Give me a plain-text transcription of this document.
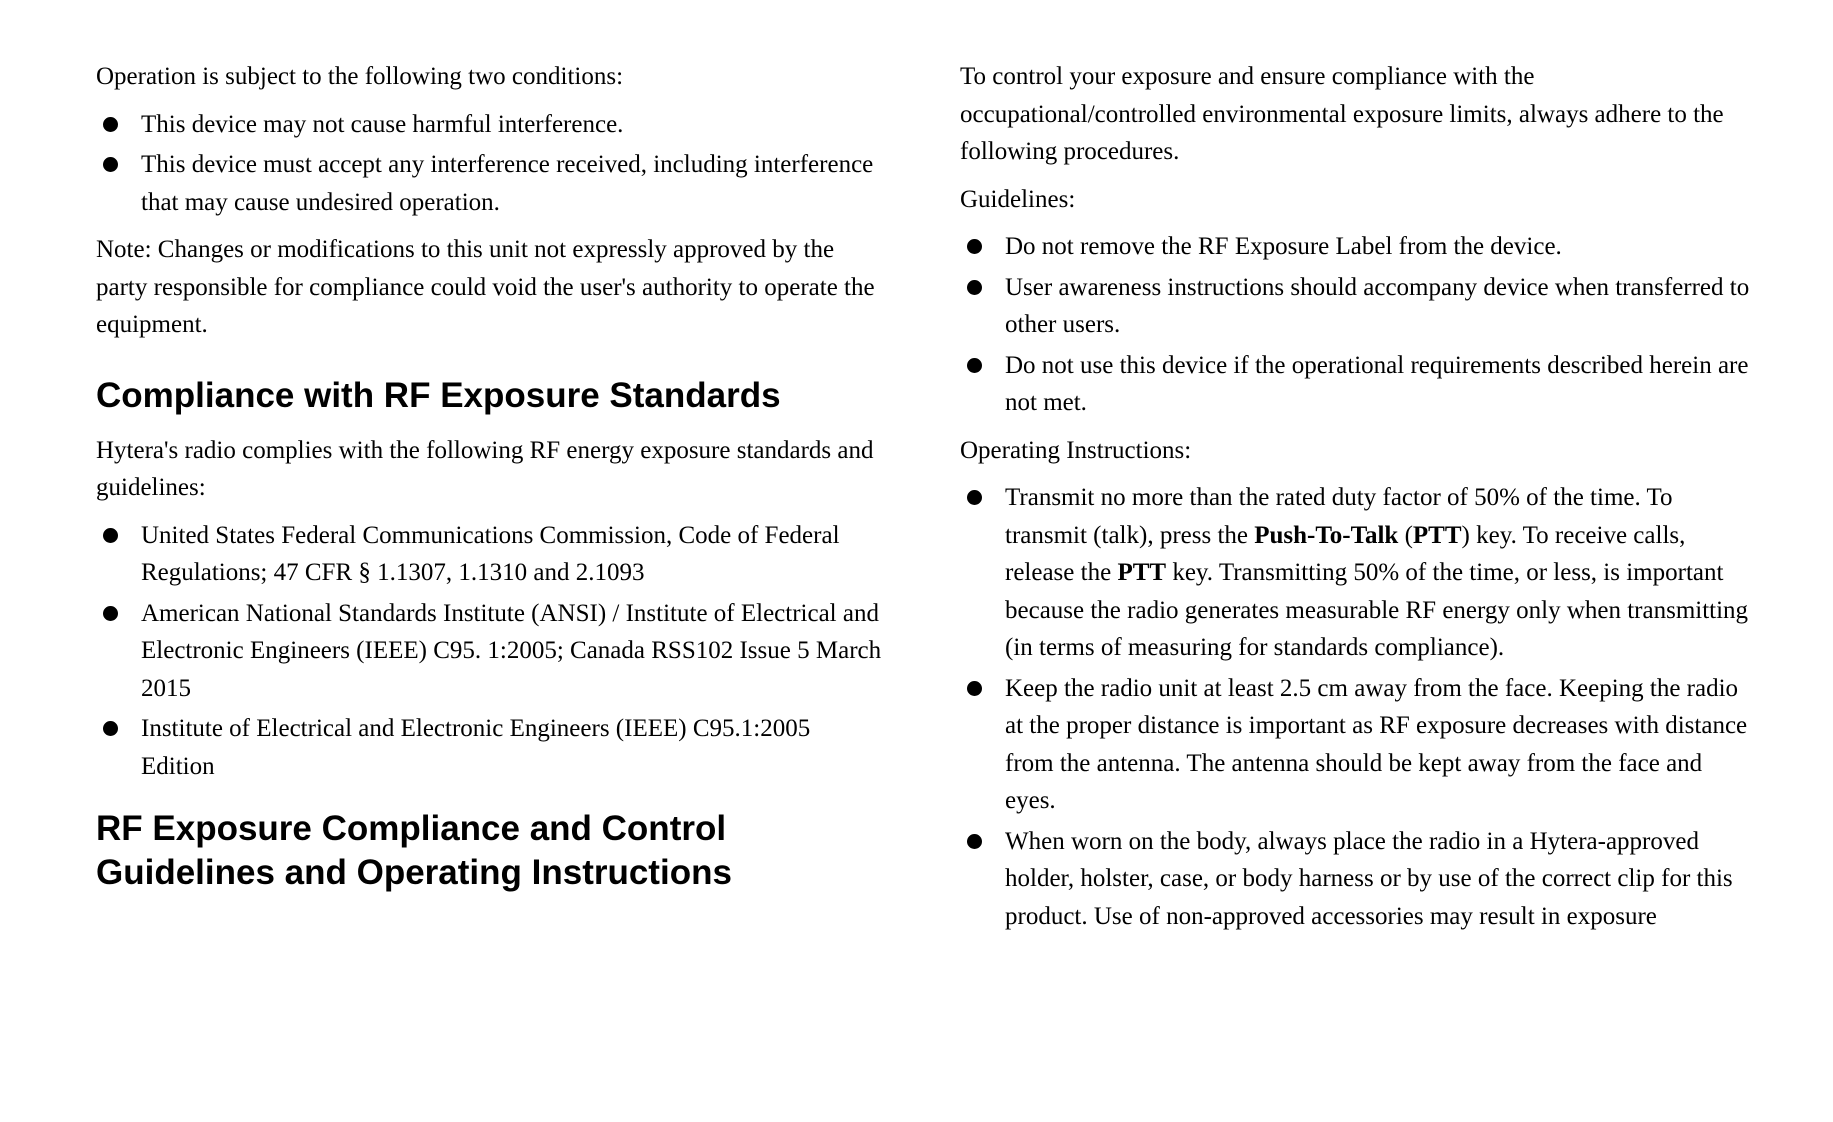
Operation is subject to the following two conditions:

This device may not cause harmful interference.
This device must accept any interference received, including interference that may cause undesired operation.

Note: Changes or modifications to this unit not expressly approved by the party responsible for compliance could void the user's authority to operate the equipment.

Compliance with RF Exposure Standards

Hytera's radio complies with the following RF energy exposure standards and guidelines:

United States Federal Communications Commission, Code of Federal Regulations; 47 CFR § 1.1307, 1.1310 and 2.1093
American National Standards Institute (ANSI) / Institute of Electrical and Electronic Engineers (IEEE) C95. 1:2005; Canada RSS102 Issue 5 March 2015
Institute of Electrical and Electronic Engineers (IEEE) C95.1:2005 Edition
RF Exposure Compliance and Control Guidelines and Operating Instructions

To control your exposure and ensure compliance with the occupational/controlled environmental exposure limits, always adhere to the following procedures.

Guidelines:

Do not remove the RF Exposure Label from the device.
User awareness instructions should accompany device when transferred to other users.
Do not use this device if the operational requirements described herein are not met.

Operating Instructions:

Transmit no more than the rated duty factor of 50% of the time. To transmit (talk), press the Push-To-Talk (PTT) key. To receive calls, release the PTT key. Transmitting 50% of the time, or less, is important because the radio generates measurable RF energy only when transmitting (in terms of measuring for standards compliance).
Keep the radio unit at least 2.5 cm away from the face. Keeping the radio at the proper distance is important as RF exposure decreases with distance from the antenna. The antenna should be kept away from the face and eyes.
When worn on the body, always place the radio in a Hytera-approved holder, holster, case, or body harness or by use of the correct clip for this product. Use of non-approved accessories may result in exposure
